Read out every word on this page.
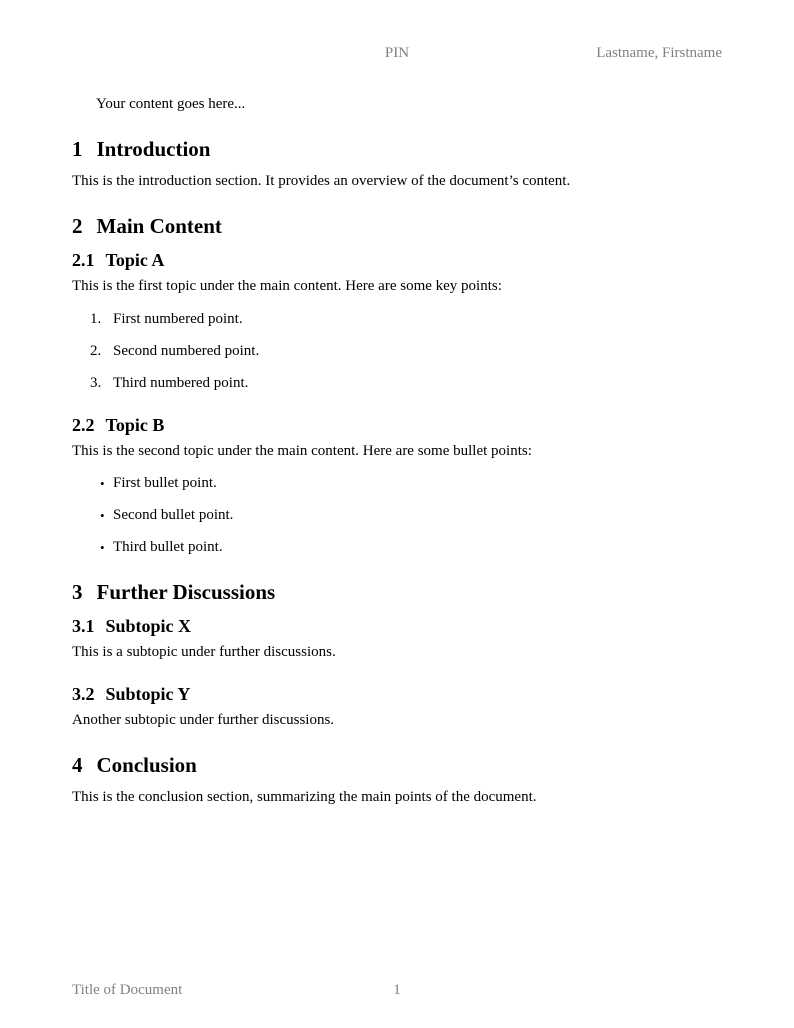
PIN	Lastname, Firstname

Your content goes here...

1 Introduction

This is the introduction section. It provides an overview of the document’s content.

2 Main Content
2.1 Topic A

This is the first topic under the main content. Here are some key points:

1. First numbered point.
2. Second numbered point.
3. Third numbered point.
2.2 Topic B

This is the second topic under the main content. Here are some bullet points:

• First bullet point.
• Second bullet point.
• Third bullet point.
3 Further Discussions
3.1 Subtopic X

This is a subtopic under further discussions.

3.2 Subtopic Y

Another subtopic under further discussions.

4 Conclusion

This is the conclusion section, summarizing the main points of the document.

Title of Document	1
